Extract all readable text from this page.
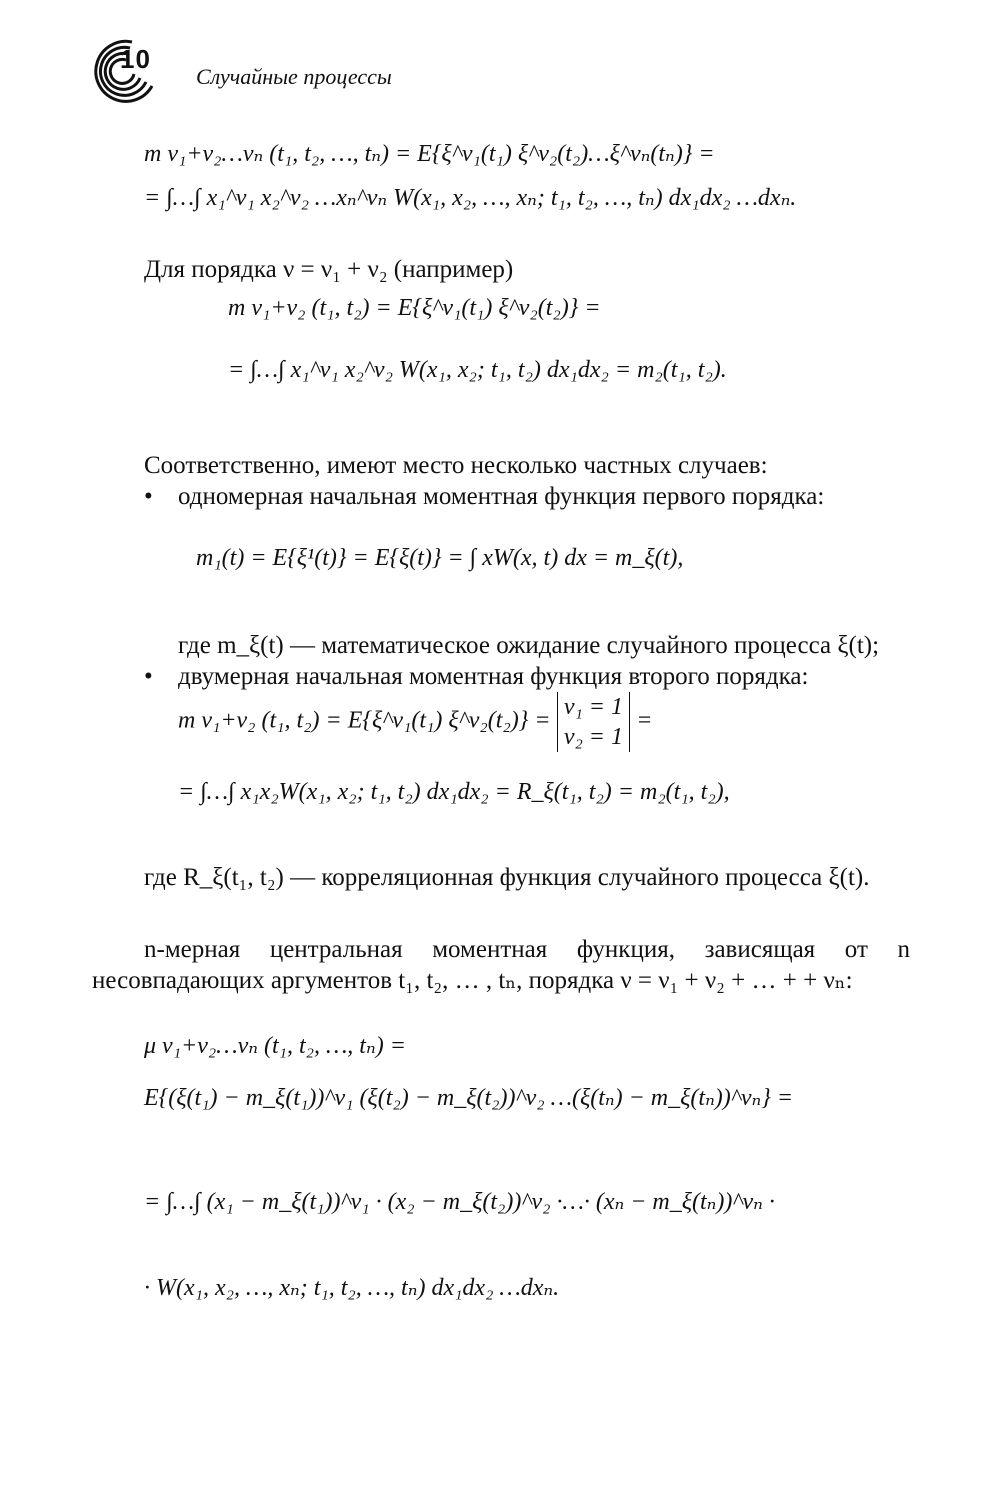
10
Случайные процессы
m ν₁+ν₂…νₙ (t₁, t₂, …, tₙ) = E{ξ^ν₁(t₁) ξ^ν₂(t₂)…ξ^νₙ(tₙ)} =
= ∫…∫ x₁^ν₁ x₂^ν₂ …xₙ^νₙ W(x₁, x₂, …, xₙ; t₁, t₂, …, tₙ) dx₁dx₂ …dxₙ.

Для порядка ν = ν₁ + ν₂ (например)

m ν₁+ν₂ (t₁, t₂) = E{ξ^ν₁(t₁) ξ^ν₂(t₂)} =
= ∫…∫ x₁^ν₁ x₂^ν₂ W(x₁, x₂; t₁, t₂) dx₁dx₂ = m₂(t₁, t₂).

Соответственно, имеют место несколько частных случаев:

• одномерная начальная моментная функция первого порядка:

m₁(t) = E{ξ¹(t)} = E{ξ(t)} = ∫ xW(x, t) dx = m_ξ(t),

где m_ξ(t) — математическое ожидание случайного процесса ξ(t);

• двумерная начальная моментная функция второго порядка:

m ν₁+ν₂ (t₁, t₂) = E{ξ^ν₁(t₁) ξ^ν₂(t₂)} =
ν₁ = 1
ν₂ = 1
=
= ∫…∫ x₁x₂W(x₁, x₂; t₁, t₂) dx₁dx₂ = R_ξ(t₁, t₂) = m₂(t₁, t₂),

где R_ξ(t₁, t₂) — корреляционная функция случайного процесса ξ(t).

n-мерная центральная моментная функция, зависящая от n несовпадающих аргументов t₁, t₂, … , tₙ, порядка ν = ν₁ + ν₂ + … + + νₙ:

μ ν₁+ν₂…νₙ (t₁, t₂, …, tₙ) =
E{(ξ(t₁) − m_ξ(t₁))^ν₁ (ξ(t₂) − m_ξ(t₂))^ν₂ …(ξ(tₙ) − m_ξ(tₙ))^νₙ} =
= ∫…∫ (x₁ − m_ξ(t₁))^ν₁ · (x₂ − m_ξ(t₂))^ν₂ ·…· (xₙ − m_ξ(tₙ))^νₙ ·
· W(x₁, x₂, …, xₙ; t₁, t₂, …, tₙ) dx₁dx₂ …dxₙ.
